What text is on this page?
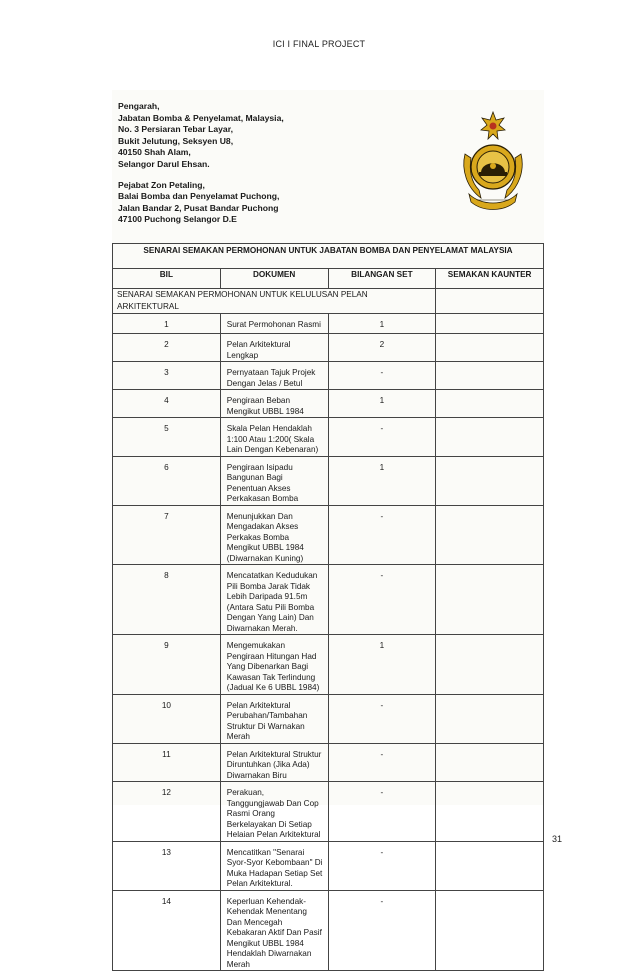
ICI I FINAL PROJECT
Pengarah,
Jabatan Bomba & Penyelamat, Malaysia,
No. 3 Persiaran Tebar Layar,
Bukit Jelutung, Seksyen U8,
40150 Shah Alam,
Selangor Darul Ehsan.
Pejabat Zon Petaling,
Balai Bomba dan Penyelamat Puchong,
Jalan Bandar 2, Pusat Bandar Puchong
47100 Puchong Selangor D.E
SENARAI SEMAKAN PERMOHONAN UNTUK JABATAN BOMBA DAN PENYELAMAT MALAYSIA			
BIL	DOKUMEN	BILANGAN SET	SEMAKAN KAUNTER
SENARAI SEMAKAN PERMOHONAN UNTUK KELULUSAN PELAN ARKITEKTURAL			
1	Surat Permohonan Rasmi	1	
2	Pelan Arkitektural Lengkap	2	
3	Pernyataan Tajuk Projek Dengan Jelas / Betul	-	
4	Pengiraan Beban Mengikut UBBL 1984	1	
5	Skala Pelan Hendaklah 1:100 Atau 1:200( Skala Lain Dengan Kebenaran)	-	
6	Pengiraan Isipadu Bangunan Bagi Penentuan Akses Perkakasan Bomba	1	
7	Menunjukkan Dan Mengadakan Akses Perkakas Bomba Mengikut UBBL 1984 (Diwarnakan Kuning)	-	
8	Mencatatkan Kedudukan Pili Bomba Jarak Tidak Lebih Daripada 91.5m (Antara Satu Pili Bomba Dengan Yang Lain) Dan Diwarnakan Merah.	-	
9	Mengemukakan Pengiraan Hitungan Had Yang Dibenarkan Bagi Kawasan Tak Terlindung (Jadual Ke 6 UBBL 1984)	1	
10	Pelan Arkitektural Perubahan/Tambahan Struktur Di Warnakan Merah	-	
11	Pelan Arkitektural Struktur Diruntuhkan (Jika Ada) Diwarnakan Biru	-	
12	Perakuan, Tanggungjawab Dan Cop Rasmi Orang Berkelayakan Di Setiap Helaian Pelan Arkitektural	-	
13	Mencatitkan "Senarai Syor-Syor Kebombaan" Di Muka Hadapan Setiap Set Pelan Arkitektural.	-	
14	Keperluan Kehendak-Kehendak Menentang Dan Mencegah Kebakaran Aktif Dan Pasif Mengikut UBBL 1984 Hendaklah Diwarnakan Merah	-	
31
